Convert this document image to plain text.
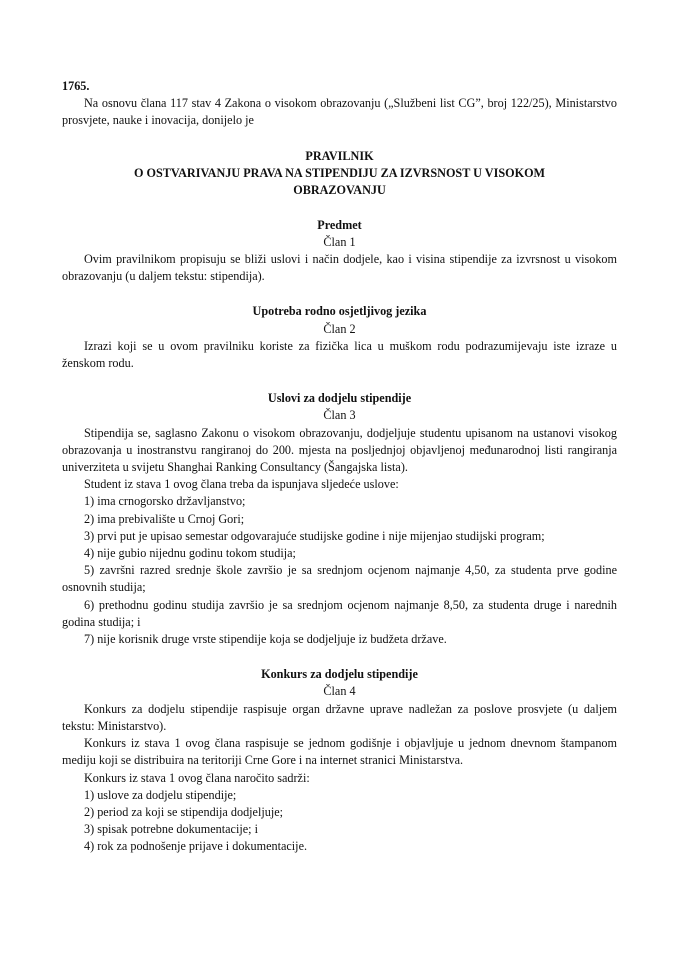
1765.

Na osnovu člana 117 stav 4 Zakona o visokom obrazovanju („Službeni list CG”, broj 122/25), Ministarstvo prosvjete, nauke i inovacija, donijelo je

PRAVILNIK
O OSTVARIVANJU PRAVA NA STIPENDIJU ZA IZVRSNOST U VISOKOM
OBRAZOVANJU

Predmet

Član 1

Ovim pravilnikom propisuju se bliži uslovi i način dodjele, kao i visina stipendije za izvrsnost u visokom obrazovanju (u daljem tekstu: stipendija).

Upotreba rodno osjetljivog jezika

Član 2

Izrazi koji se u ovom pravilniku koriste za fizička lica u muškom rodu podrazumijevaju iste izraze u ženskom rodu.

Uslovi za dodjelu stipendije

Član 3

Stipendija se, saglasno Zakonu o visokom obrazovanju, dodjeljuje studentu upisanom na ustanovi visokog obrazovanja u inostranstvu rangiranoj do 200. mjesta na posljednjoj objavljenoj međunarodnoj listi rangiranja univerziteta u svijetu Shanghai Ranking Consultancy (Šangajska lista).

Student iz stava 1 ovog člana treba da ispunjava sljedeće uslove:

1) ima crnogorsko državljanstvo;

2) ima prebivalište u Crnoj Gori;

3) prvi put je upisao semestar odgovarajuće studijske godine i nije mijenjao studijski program;

4) nije gubio nijednu godinu tokom studija;

5) završni razred srednje škole završio je sa srednjom ocjenom najmanje 4,50, za studenta prve godine osnovnih studija;

6) prethodnu godinu studija završio je sa srednjom ocjenom najmanje 8,50, za studenta druge i narednih godina studija; i

7) nije korisnik druge vrste stipendije koja se dodjeljuje iz budžeta države.

Konkurs za dodjelu stipendije

Član 4

Konkurs za dodjelu stipendije raspisuje organ državne uprave nadležan za poslove prosvjete (u daljem tekstu: Ministarstvo).

Konkurs iz stava 1 ovog člana raspisuje se jednom godišnje i objavljuje u jednom dnevnom štampanom mediju koji se distribuira na teritoriji Crne Gore i na internet stranici Ministarstva.

Konkurs iz stava 1 ovog člana naročito sadrži:

1) uslove za dodjelu stipendije;

2) period za koji se stipendija dodjeljuje;

3) spisak potrebne dokumentacije; i

4) rok za podnošenje prijave i dokumentacije.
